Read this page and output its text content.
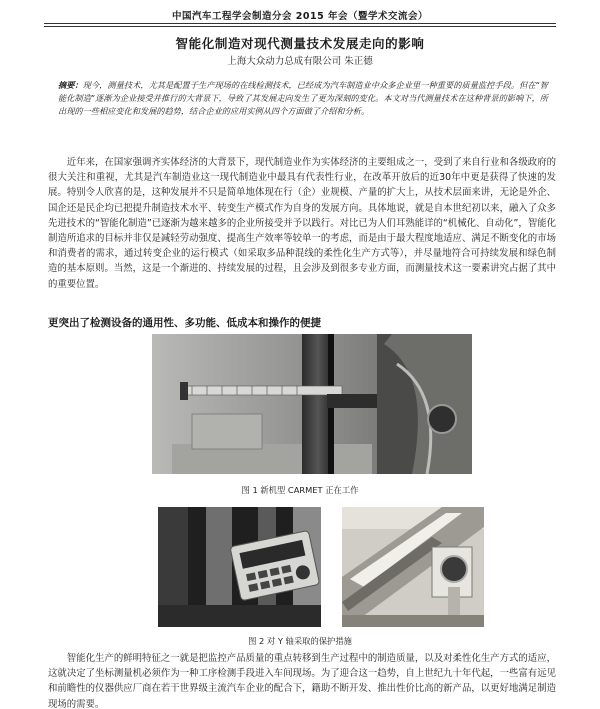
中国汽车工程学会制造分会 2015 年会（暨学术交流会）
智能化制造对现代测量技术发展走向的影响
上海大众动力总成有限公司 朱正德

摘要：现今，测量技术，尤其是配置于生产现场的在线检测技术，已经成为汽车制造业中众多企业里一种重要的质量监控手段。但在“智能化制造”逐渐为企业接受并推行的大背景下，导致了其发展走向发生了更为深刻的变化。本文对当代测量技术在这种背景的影响下，所出现的一些相应变化和发展的趋势，结合企业的应用实例从四个方面做了介绍和分析。

近年来，在国家强调齐实体经济的大背景下，现代制造业作为实体经济的主要组成之一，受到了来自行业和各级政府的很大关注和重视，尤其是汽车制造业这一现代制造业中最具有代表性行业，在改革开放后的近30年中更是获得了快速的发展。特别令人欣喜的是，这种发展并不只是简单地体现在行（企）业规模、产量的扩大上，从技术层面来讲，无论是外企、国企还是民企均已把提升制造技术水平、转变生产模式作为自身的发展方向。具体地说，就是自本世纪初以来，融入了众多先进技术的“智能化制造”已逐渐为越来越多的企业所接受并予以践行。对比已为人们耳熟能详的“机械化、自动化”，智能化制造所追求的目标并非仅是减轻劳动强度、提高生产效率等较单一的考虑，而是由于最大程度地适应、满足不断变化的市场和消费者的需求，通过转变企业的运行模式（如采取多品种混线的柔性化生产方式等），并尽量地符合可持续发展和绿色制造的基本原则。当然，这是一个渐进的、持续发展的过程，且会涉及到很多专业方面，而测量技术这一要素讲究占据了其中的重要位置。

更突出了检测设备的通用性、多功能、低成本和操作的便捷

图 1 新机型 CARMET 正在工作

图 2 对 Y 轴采取的保护措施

智能化生产的鲜明特征之一就是把监控产品质量的重点转移到生产过程中的制造质量，以及对柔性化生产方式的适应，这就决定了坐标测量机必须作为一种工序检测手段进入车间现场。为了迎合这一趋势，自上世纪九十年代起，一些富有远见和前瞻性的仪器供应厂商在若干世界级主流汽车企业的配合下，籍助不断开发、推出性价比高的新产品，以更好地满足制造现场的需要。
